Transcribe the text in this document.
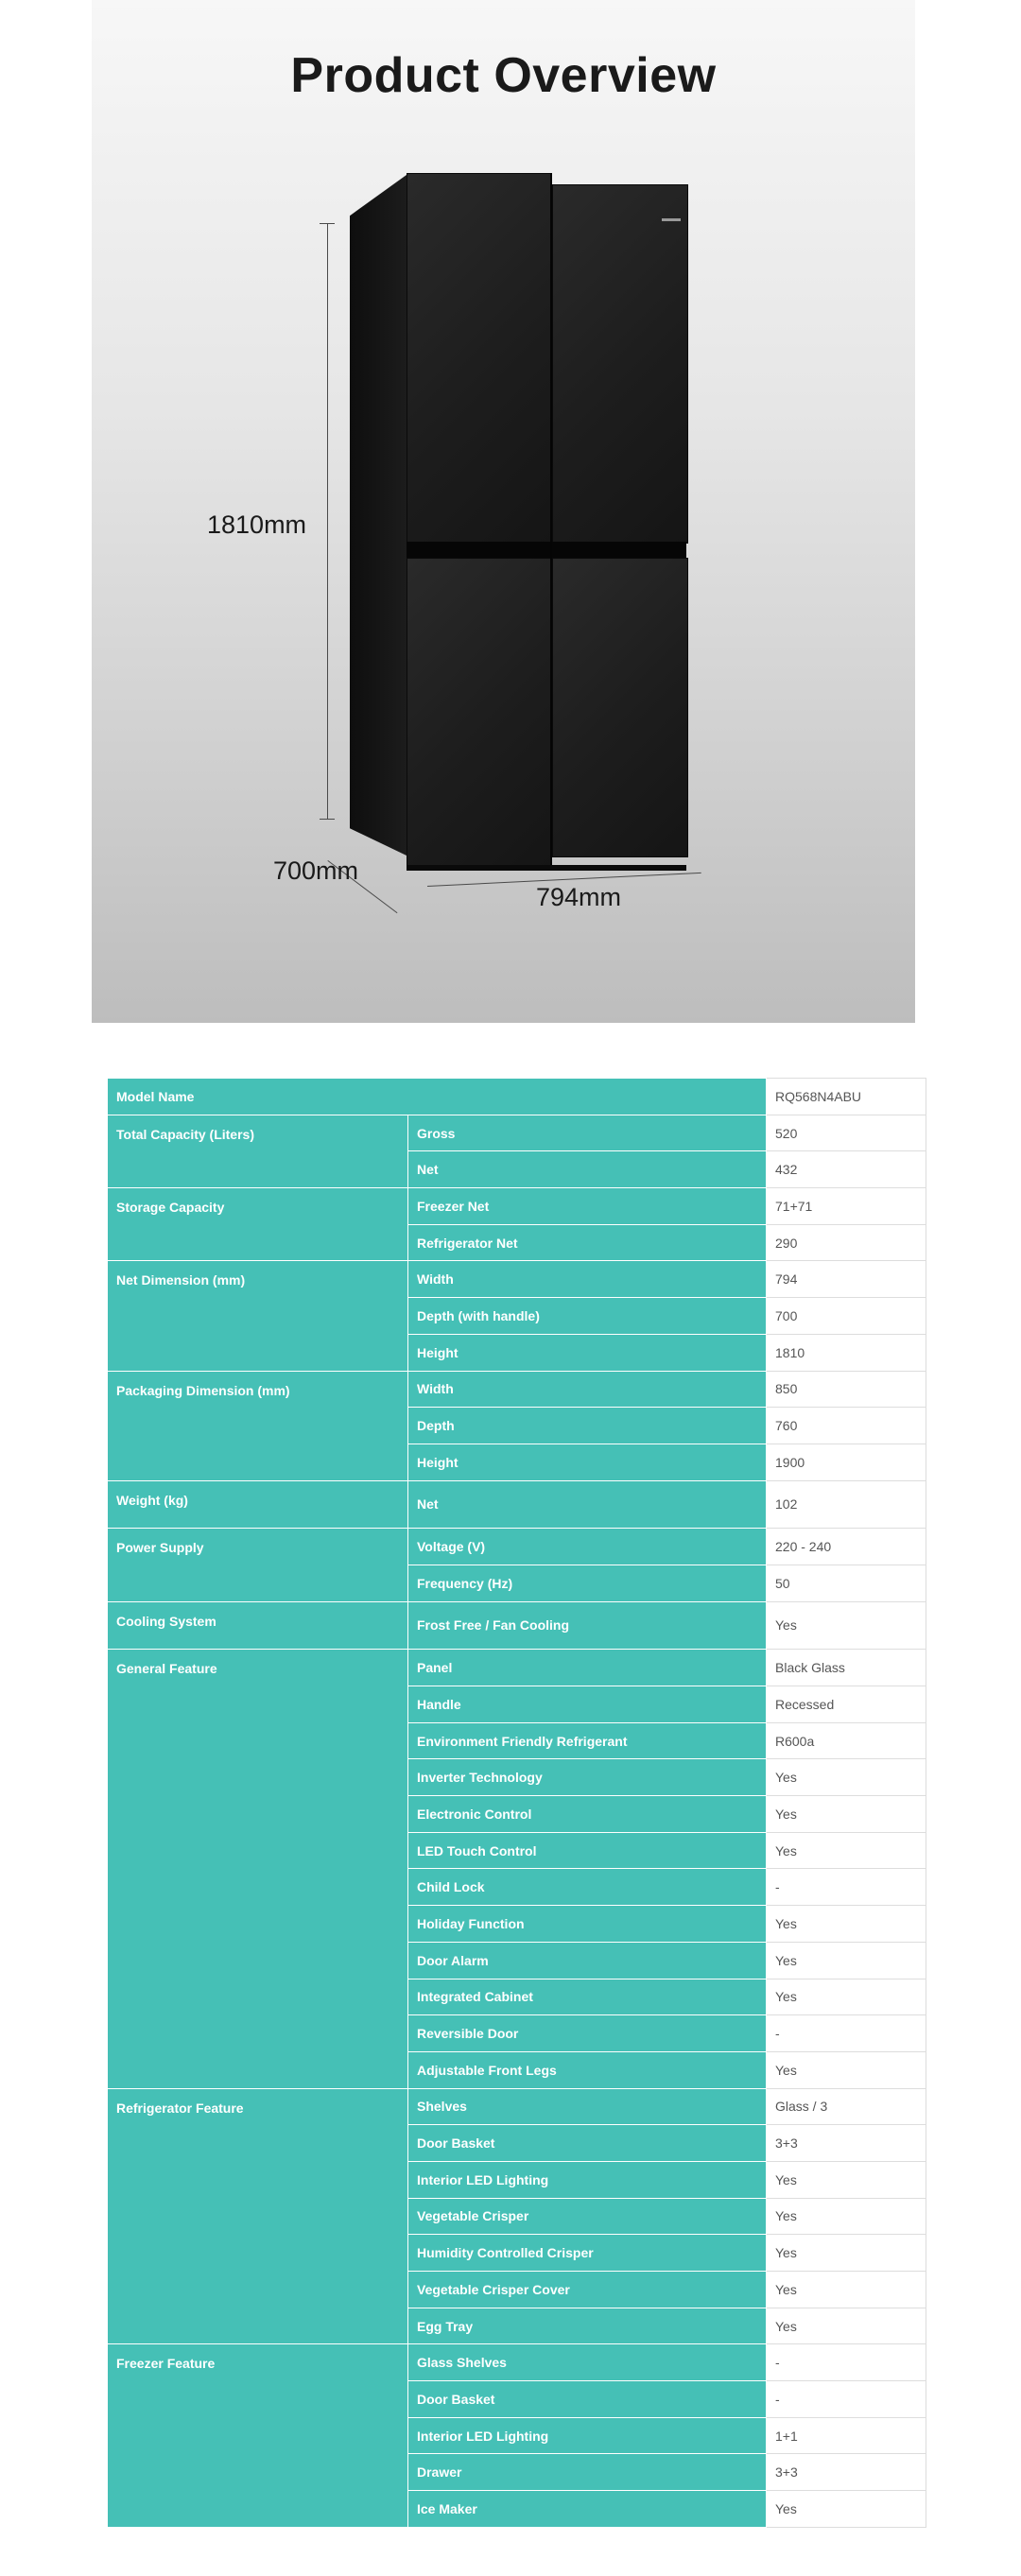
Product Overview
1810mm
700mm
794mm
Model Name		RQ568N4ABU
Total Capacity (Liters)	Gross	520
	Net	432
Storage Capacity	Freezer Net	71+71
	Refrigerator Net	290
Net Dimension (mm)	Width	794
	Depth (with handle)	700
	Height	1810
Packaging Dimension (mm)	Width	850
	Depth	760
	Height	1900
Weight (kg)	Net	102
Power Supply	Voltage (V)	220 - 240
	Frequency (Hz)	50
Cooling System	Frost Free / Fan Cooling	Yes
General Feature	Panel	Black Glass
	Handle	Recessed
	Environment Friendly Refrigerant	R600a
	Inverter Technology	Yes
	Electronic Control	Yes
	LED Touch Control	Yes
	Child Lock	-
	Holiday Function	Yes
	Door Alarm	Yes
	Integrated Cabinet	Yes
	Reversible Door	-
	Adjustable Front Legs	Yes
Refrigerator Feature	Shelves	Glass / 3
	Door Basket	3+3
	Interior LED Lighting	Yes
	Vegetable Crisper	Yes
	Humidity Controlled Crisper	Yes
	Vegetable Crisper Cover	Yes
	Egg Tray	Yes
Freezer Feature	Glass Shelves	-
	Door Basket	-
	Interior LED Lighting	1+1
	Drawer	3+3
	Ice Maker	Yes
